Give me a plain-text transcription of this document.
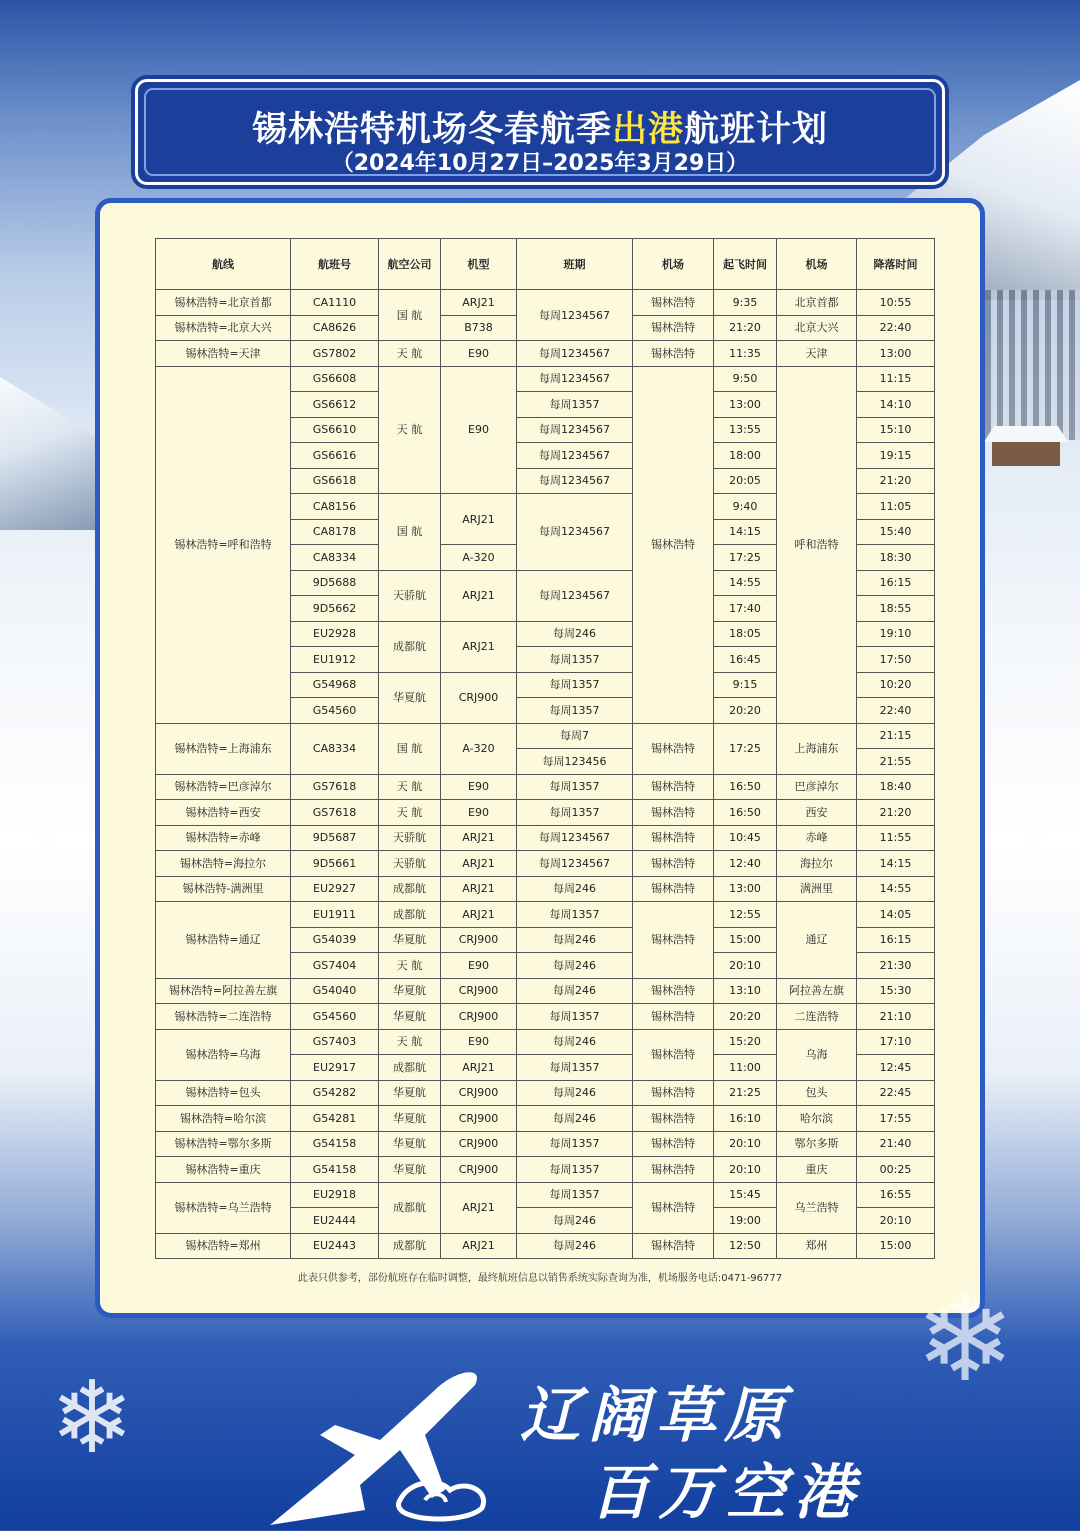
锡林浩特机场冬春航季出港航班计划
（2024年10月27日–2025年3月29日）
航线	航班号	航空公司	机型	班期	机场	起飞时间	机场	降落时间
锡林浩特=北京首都	CA1110	国 航	ARJ21	每周1234567	锡林浩特	9:35	北京首都	10:55
锡林浩特=北京大兴	CA8626		B738		锡林浩特	21:20	北京大兴	22:40
锡林浩特=天津	GS7802	天 航	E90	每周1234567	锡林浩特	11:35	天津	13:00
锡林浩特=呼和浩特	GS6608	天 航	E90	每周1234567	锡林浩特	9:50	呼和浩特	11:15
	GS6612			每周1357		13:00		14:10
	GS6610			每周1234567		13:55		15:10
	GS6616			每周1234567		18:00		19:15
	GS6618			每周1234567		20:05		21:20
	CA8156	国 航	ARJ21	每周1234567		9:40		11:05
	CA8178					14:15		15:40
	CA8334		A-320			17:25		18:30
	9D5688	天骄航	ARJ21	每周1234567		14:55		16:15
	9D5662					17:40		18:55
	EU2928	成都航	ARJ21	每周246		18:05		19:10
	EU1912			每周1357		16:45		17:50
	G54968	华夏航	CRJ900	每周1357		9:15		10:20
	G54560			每周1357		20:20		22:40
锡林浩特=上海浦东	CA8334	国 航	A-320	每周7	锡林浩特	17:25	上海浦东	21:15
				每周123456				21:55
锡林浩特=巴彦淖尔	GS7618	天 航	E90	每周1357	锡林浩特	16:50	巴彦淖尔	18:40
锡林浩特=西安	GS7618	天 航	E90	每周1357	锡林浩特	16:50	西安	21:20
锡林浩特=赤峰	9D5687	天骄航	ARJ21	每周1234567	锡林浩特	10:45	赤峰	11:55
锡林浩特=海拉尔	9D5661	天骄航	ARJ21	每周1234567	锡林浩特	12:40	海拉尔	14:15
锡林浩特-满洲里	EU2927	成都航	ARJ21	每周246	锡林浩特	13:00	满洲里	14:55
锡林浩特=通辽	EU1911	成都航	ARJ21	每周1357	锡林浩特	12:55	通辽	14:05
	G54039	华夏航	CRJ900	每周246		15:00		16:15
	GS7404	天 航	E90	每周246		20:10		21:30
锡林浩特=阿拉善左旗	G54040	华夏航	CRJ900	每周246	锡林浩特	13:10	阿拉善左旗	15:30
锡林浩特=二连浩特	G54560	华夏航	CRJ900	每周1357	锡林浩特	20:20	二连浩特	21:10
锡林浩特=乌海	GS7403	天 航	E90	每周246	锡林浩特	15:20	乌海	17:10
	EU2917	成都航	ARJ21	每周1357		11:00		12:45
锡林浩特=包头	G54282	华夏航	CRJ900	每周246	锡林浩特	21:25	包头	22:45
锡林浩特=哈尔滨	G54281	华夏航	CRJ900	每周246	锡林浩特	16:10	哈尔滨	17:55
锡林浩特=鄂尔多斯	G54158	华夏航	CRJ900	每周1357	锡林浩特	20:10	鄂尔多斯	21:40
锡林浩特=重庆	G54158	华夏航	CRJ900	每周1357	锡林浩特	20:10	重庆	00:25
锡林浩特=乌兰浩特	EU2918	成都航	ARJ21	每周1357	锡林浩特	15:45	乌兰浩特	16:55
	EU2444			每周246		19:00		20:10
锡林浩特=郑州	EU2443	成都航	ARJ21	每周246	锡林浩特	12:50	郑州	15:00
此表只供参考，部份航班存在临时调整，最终航班信息以销售系统实际查询为准，机场服务电话:0471-96777
❄
❄
辽阔草原
百万空港
